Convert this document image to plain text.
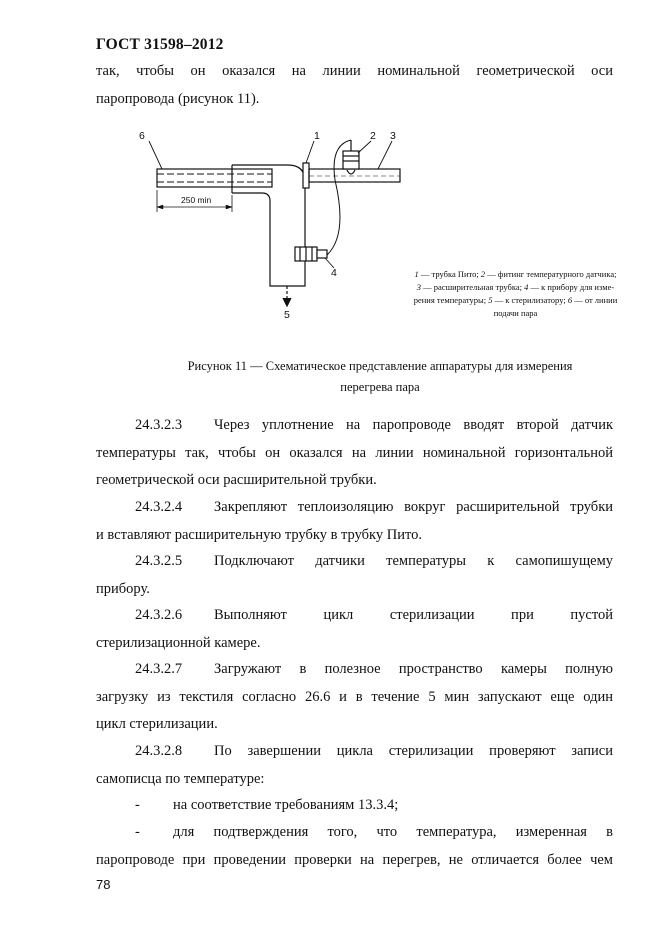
ГОСТ 31598–2012
так, чтобы он оказался на линии номинальной геометрической оси
паропровода (рисунок 11).
6	1	2 3
4
5
250 min
1 — трубка Пито; 2 — фитинг температурного датчика;
3 — расширительная трубка; 4 — к прибору для изме-
рения температуры; 5 — к стерилизатору; 6 — от линии
подачи пара
Рисунок 11 — Схематическое представление аппаратуры для измерения
перегрева пара
24.3.2.3 Через уплотнение на паропроводе вводят второй датчик
температуры так, чтобы он оказался на линии номинальной горизонтальной
геометрической оси расширительной трубки.
24.3.2.4 Закрепляют теплоизоляцию вокруг расширительной трубки
и вставляют расширительную трубку в трубку Пито.
24.3.2.5 Подключают датчики температуры к самопишущему
прибору.
24.3.2.6 Выполняют цикл стерилизации при пустой
стерилизационной камере.
24.3.2.7 Загружают в полезное пространство камеры полную
загрузку из текстиля согласно 26.6 и в течение 5 мин запускают еще один
цикл стерилизации.
24.3.2.8 По завершении цикла стерилизации проверяют записи
самописца по температуре:
- на соответствие требованиям 13.3.4;
- для подтверждения того, что температура, измеренная в
паропроводе при проведении проверки на перегрев, не отличается более чем
78
